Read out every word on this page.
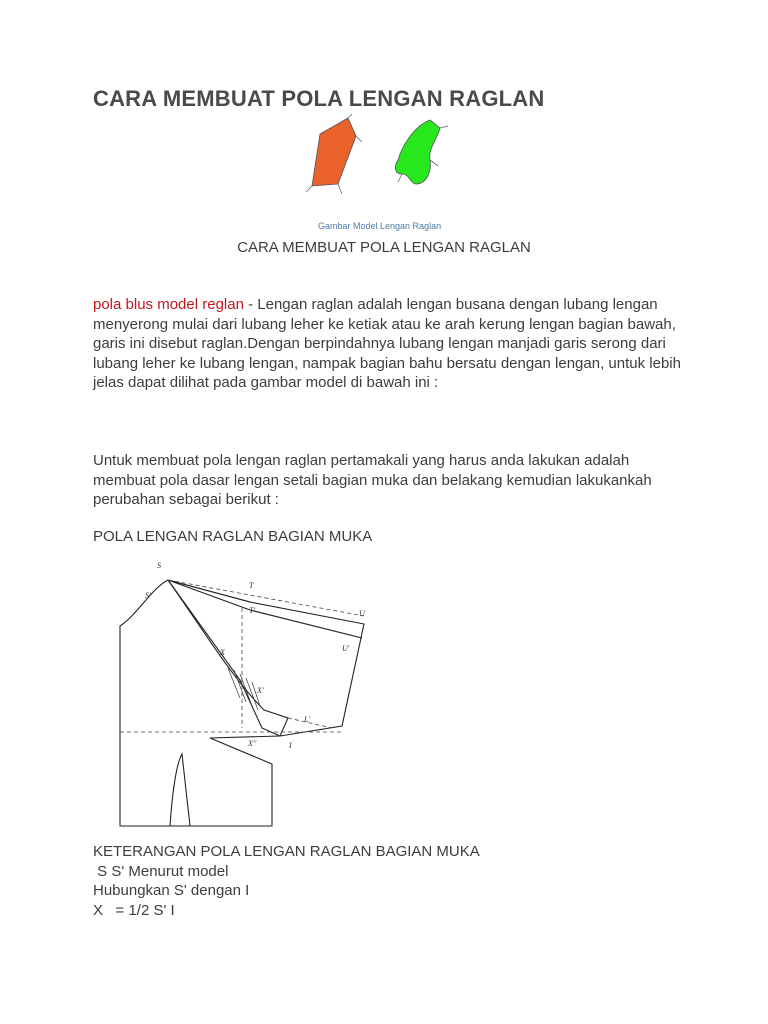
CARA MEMBUAT POLA LENGAN RAGLAN
Gambar Model Lengan Raglan
CARA MEMBUAT POLA LENGAN RAGLAN
pola blus model reglan - Lengan raglan adalah lengan busana dengan lubang lengan menyerong mulai dari lubang leher ke ketiak atau ke arah kerung lengan bagian bawah, garis ini disebut raglan.Dengan berpindahnya lubang lengan manjadi garis serong dari lubang leher ke lubang lengan, nampak bagian bahu bersatu dengan lengan, untuk lebih jelas dapat dilihat pada gambar model di bawah ini :
Untuk membuat pola lengan raglan pertamakali yang harus anda lakukan adalah membuat pola dasar lengan setali bagian muka dan belakang kemudian lakukankah perubahan sebagai berikut :
POLA LENGAN RAGLAN BAGIAN MUKA
S
S'
T
T'	U
U'
X
X'
X''
L'
I
KETERANGAN POLA LENGAN RAGLAN BAGIAN MUKA
S S' Menurut model
Hubungkan S' dengan I
X   = 1/2 S' I
